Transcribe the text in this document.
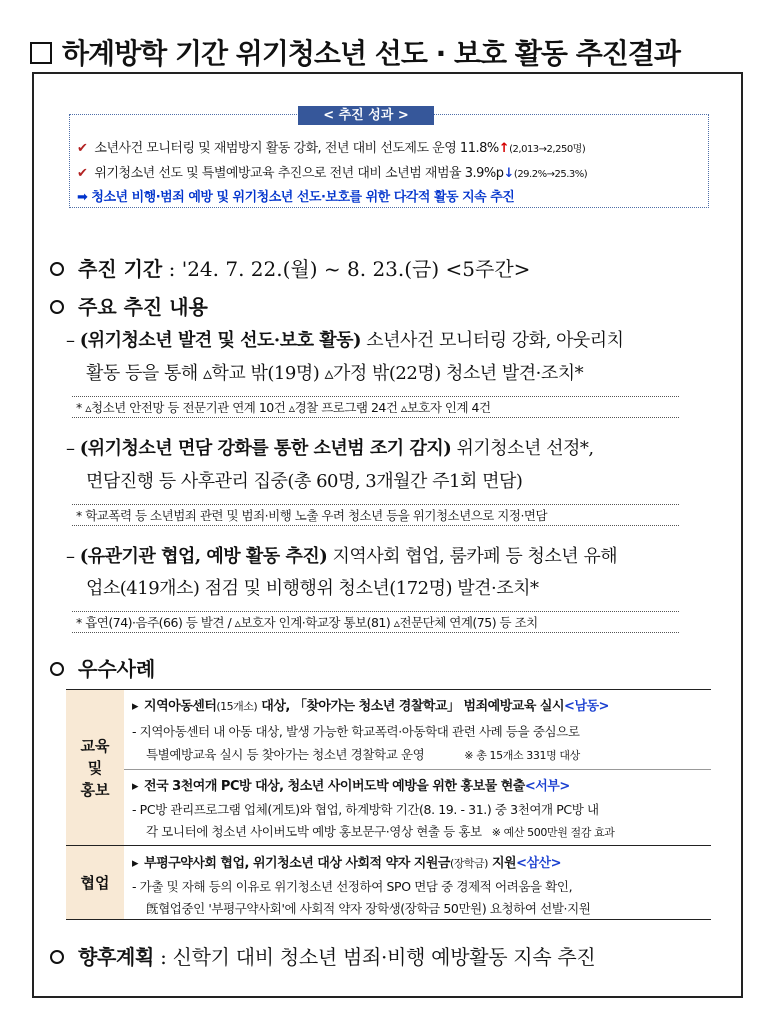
하계방학 기간 위기청소년 선도 · 보호 활동 추진결과
< 추진 성과 >
✔ 소년사건 모니터링 및 재범방지 활동 강화, 전년 대비 선도제도 운영 11.8%↑(2,013→2,250명)
✔ 위기청소년 선도 및 특별예방교육 추진으로 전년 대비 소년범 재범율 3.9%p↓(29.2%→25.3%)
➡ 청소년 비행·범죄 예방 및 위기청소년 선도·보호를 위한 다각적 활동 지속 추진
추진 기간 : '24. 7. 22.(월) ~ 8. 23.(금) <5주간>
주요 추진 내용
– (위기청소년 발견 및 선도·보호 활동) 소년사건 모니터링 강화, 아웃리치
활동 등을 통해 ▵학교 밖(19명) ▵가정 밖(22명) 청소년 발견·조치*
* ▵청소년 안전망 등 전문기관 연계 10건 ▵경찰 프로그램 24건 ▵보호자 인계 4건
– (위기청소년 면담 강화를 통한 소년범 조기 감지) 위기청소년 선정*,
면담진행 등 사후관리 집중(총 60명, 3개월간 주1회 면담)
* 학교폭력 등 소년범죄 관련 및 범죄·비행 노출 우려 청소년 등을 위기청소년으로 지정·면담
– (유관기관 협업, 예방 활동 추진) 지역사회 협업, 룸카페 등 청소년 유해
업소(419개소) 점검 및 비행행위 청소년(172명) 발견·조치*
* 흡연(74)·음주(66) 등 발견 / ▵보호자 인계·학교장 통보(81) ▵전문단체 연계(75) 등 조치
우수사례
교육
및
홍보
협업
▸ 지역아동센터(15개소) 대상, 「찾아가는 청소년 경찰학교」 범죄예방교육 실시<남동>
- 지역아동센터 내 아동 대상, 발생 가능한 학교폭력·아동학대 관련 사례 등을 중심으로
특별예방교육 실시 등 찾아가는 청소년 경찰학교 운영	※ 총 15개소 331명 대상
▸ 전국 3천여개 PC방 대상, 청소년 사이버도박 예방을 위한 홍보물 현출<서부>
- PC방 관리프로그램 업체(게토)와 협업, 하계방학 기간(8. 19. - 31.) 중 3천여개 PC방 내
각 모니터에 청소년 사이버도박 예방 홍보문구·영상 현출 등 홍보 ※ 예산 500만원 절감 효과
▸ 부평구약사회 협업, 위기청소년 대상 사회적 약자 지원금(장학금) 지원<삼산>
- 가출 및 자해 등의 이유로 위기청소년 선정하여 SPO 면담 중 경제적 어려움을 확인,
旣협업중인 '부평구약사회'에 사회적 약자 장학생(장학금 50만원) 요청하여 선발·지원
향후계획 : 신학기 대비 청소년 범죄·비행 예방활동 지속 추진
